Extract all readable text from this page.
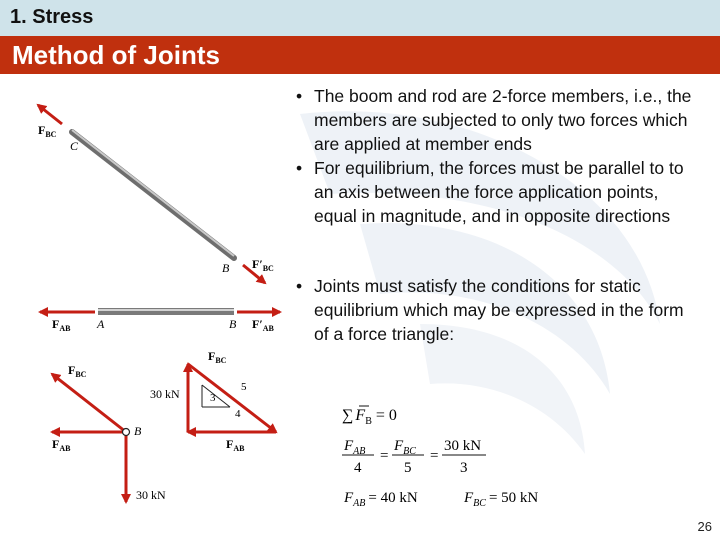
1. Stress
Method of Joints
$F_{BC}$
C
B $F'_{BC}$
$F_{AB}$ A	B $F'_{AB}$
$F_{BC}$
$F_{AB}$
B
30 kN
$F_{BC}$
30 kN	3
4
5
$F_{AB}$
• The boom and rod are 2-force members, i.e., the members are subjected to only two forces which are applied at member ends
• For equilibrium, the forces must be parallel to to an axis between the force application points, equal in magnitude, and in opposite directions
• Joints must satisfy the conditions for static equilibrium which may be expressed in the form of a force triangle:
∑ $F_B = 0$
$F_{AB}$
4
=
$F_{BC}$
5
=
30 kN
3
$F_{AB} = 40$ kN	$F_{BC} = 50$ kN
26
